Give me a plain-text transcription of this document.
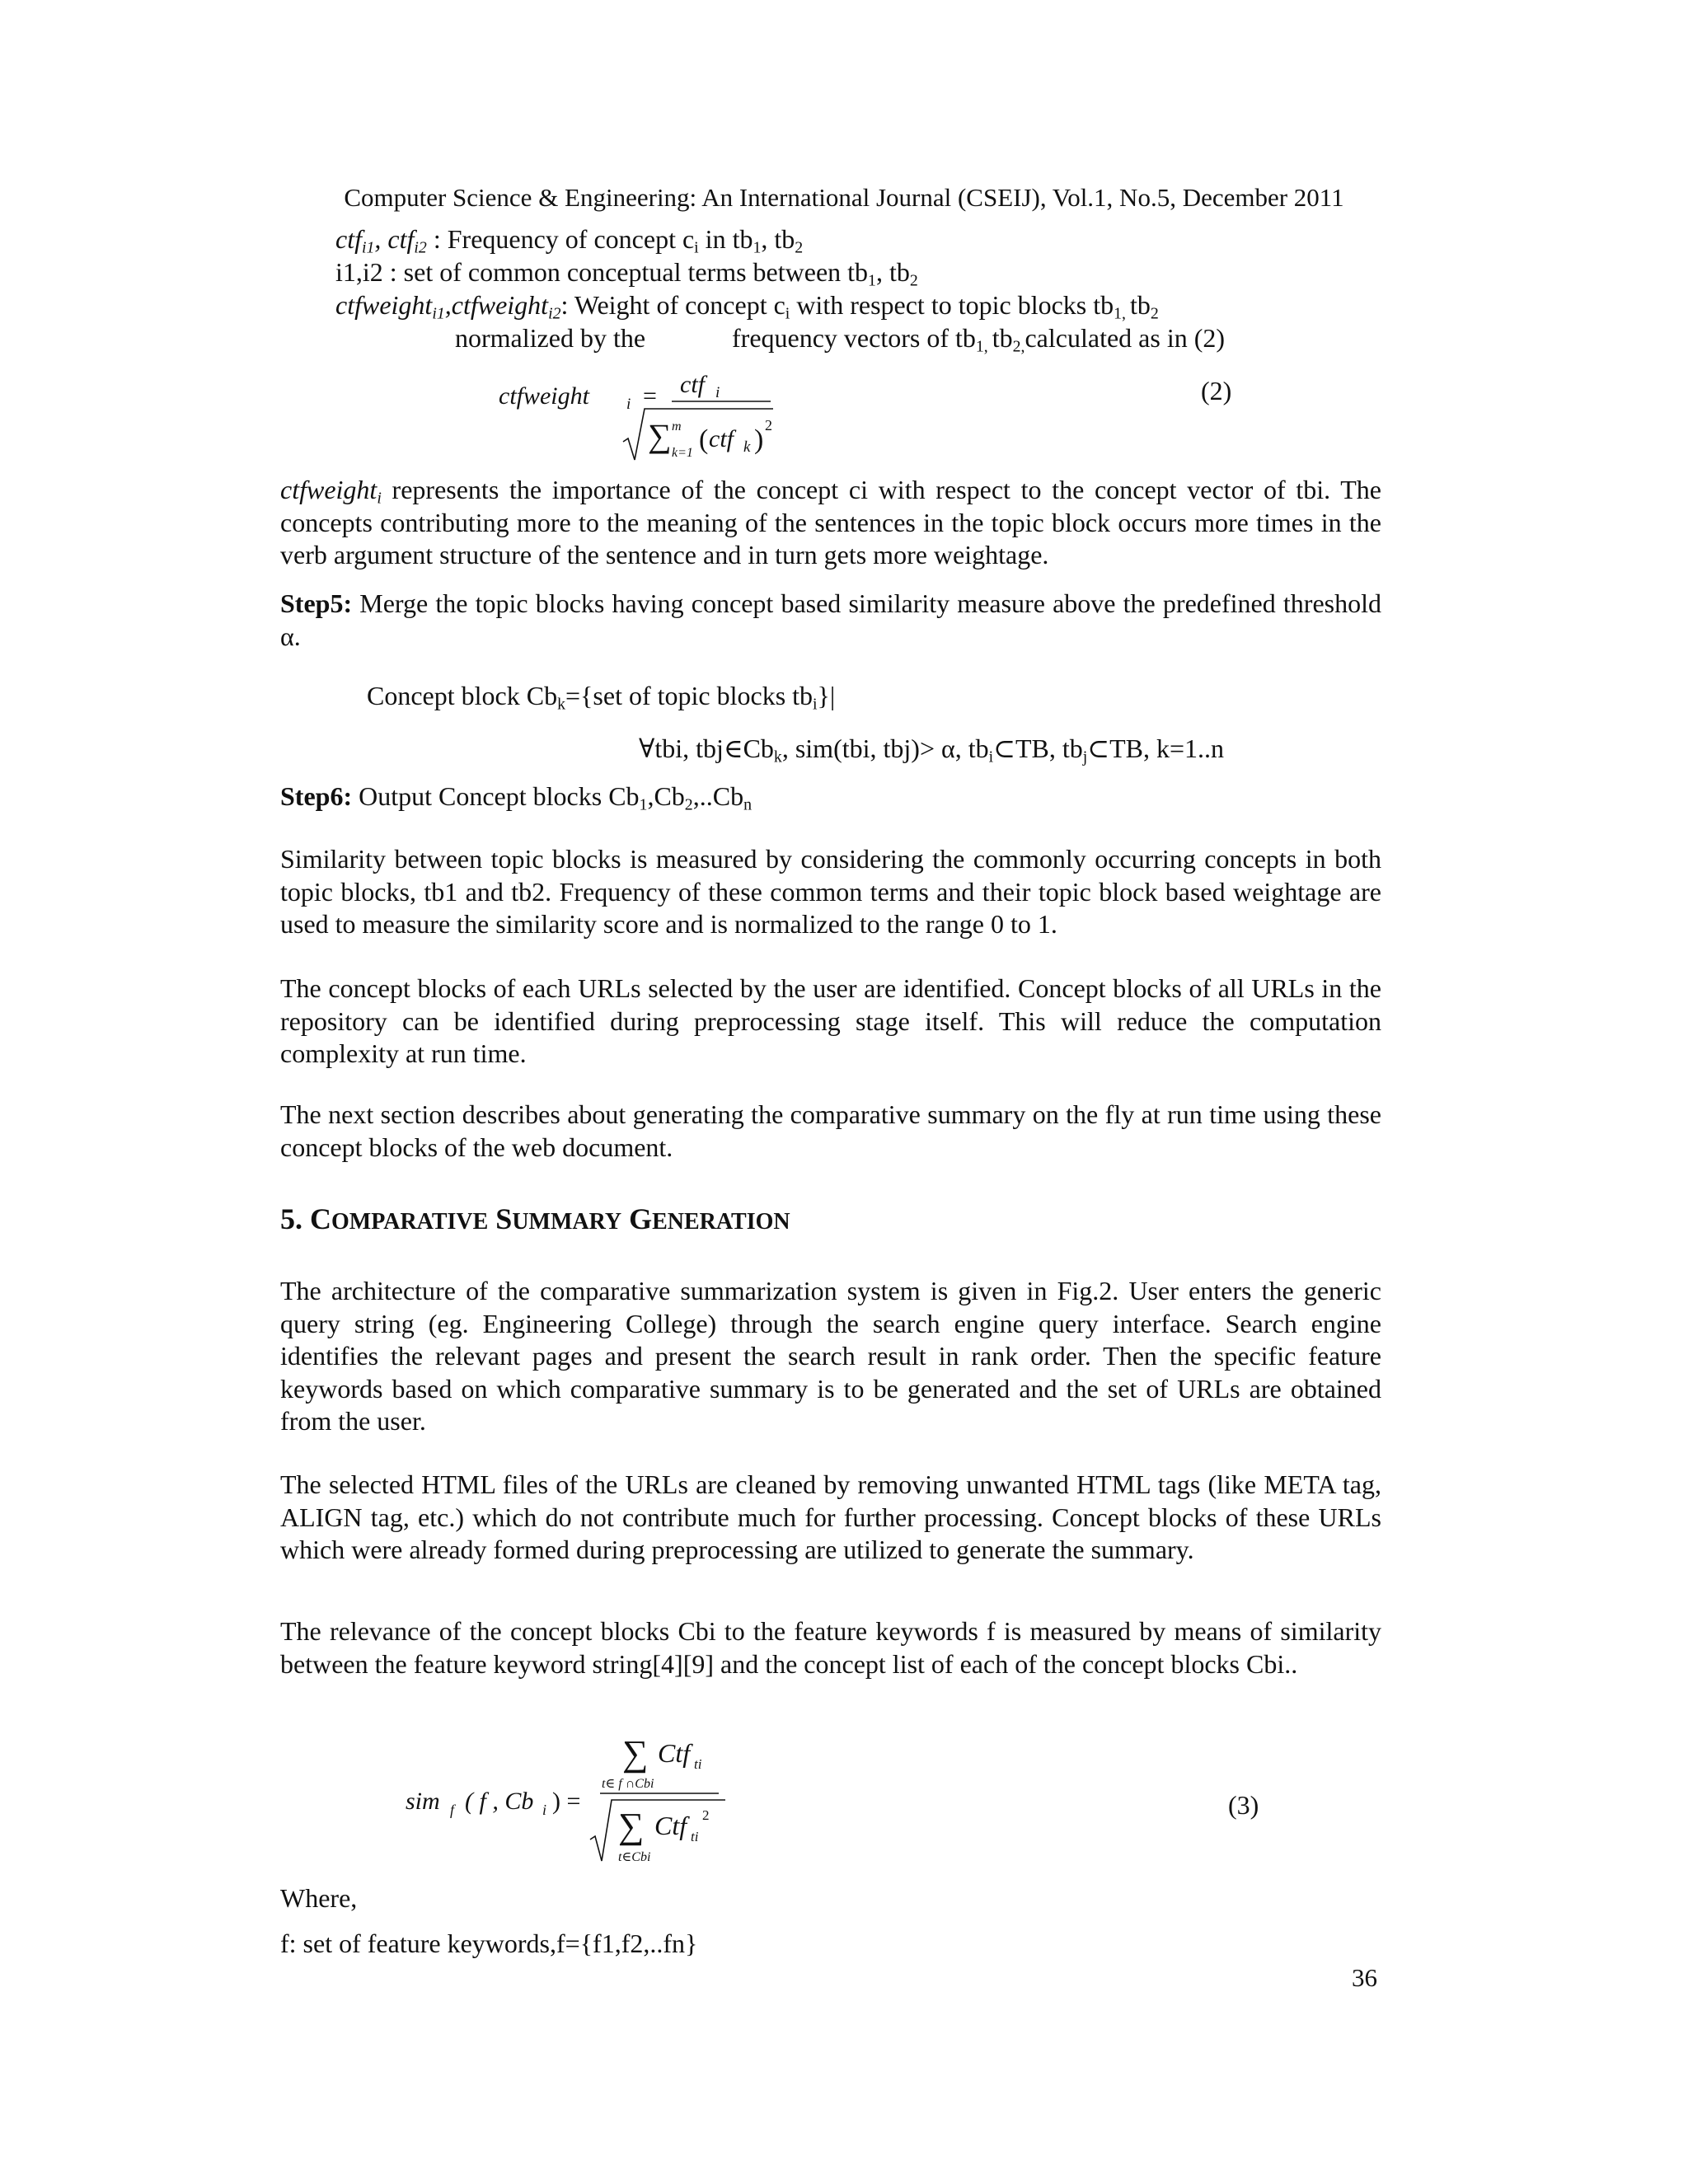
Computer Science & Engineering: An International Journal (CSEIJ), Vol.1, No.5, December 2011
ctf$_{i1}$, ctf$_{i2}$ : Frequency of concept $c_i$ in $tb_1$, $tb_2$
i1,i2 : set of common conceptual terms between $tb_1$, $tb_2$
ctfweight$_{i1}$,ctfweight$_{i2}$: Weight of concept $c_i$ with respect to topic blocks $tb_{1,}$ $tb_2$
normalized by the	frequency vectors of $tb_{1,}$ $tb_{2,}calculated$ as in (2)
ctfweight i = ctf i
∑ m
k=1 ( ctf k ) 2
(2)
ctfweight$_i$ represents the importance of the concept ci with respect to the concept vector of tbi. The concepts contributing more to the meaning of the sentences in the topic block occurs more times in the verb argument structure of the sentence and in turn gets more weightage.
Step5: Merge the topic blocks having concept based similarity measure above the predefined threshold α.
Concept block $Cb_k=\{set$ of topic blocks $tb_i\}|$
∀tbi, $tbj\in Cb_k$, sim(tbi, tbj)> α, $tb_i\subset TB$, $tb_j\subset TB$, k=1..n
Step6: Output Concept blocks $Cb_1,Cb_2,..Cb_n$
Similarity between topic blocks is measured by considering the commonly occurring concepts in both topic blocks, tb1 and tb2. Frequency of these common terms and their topic block based weightage are used to measure the similarity score and is normalized to the range 0 to 1.
The concept blocks of each URLs selected by the user are identified. Concept blocks of all URLs in the repository can be identified during preprocessing stage itself. This will reduce the computation complexity at run time.
The next section describes about generating the comparative summary on the fly at run time using these concept blocks of the web document.
5. COMPARATIVE SUMMARY GENERATION
The architecture of the comparative summarization system is given in Fig.2. User enters the generic query string (eg. Engineering College) through the search engine query interface. Search engine identifies the relevant pages and present the search result in rank order. Then the specific feature keywords based on which comparative summary is to be generated and the set of URLs are obtained from the user.
The selected HTML files of the URLs are cleaned by removing unwanted HTML tags (like META tag, ALIGN tag, etc.) which do not contribute much for further processing. Concept blocks of these URLs which were already formed during preprocessing are utilized to generate the summary.
The relevance of the concept blocks Cbi to the feature keywords f is measured by means of similarity between the feature keyword string[4][9] and the concept list of each of the concept blocks Cbi..
sim f ( f , Cb i ) =
∑ Ctf ti
t∈ f ∩Cbi
∑ Ctf ti
2
t∈Cbi
(3)
Where,
f: set of feature keywords,f={f1,f2,..fn}
36
